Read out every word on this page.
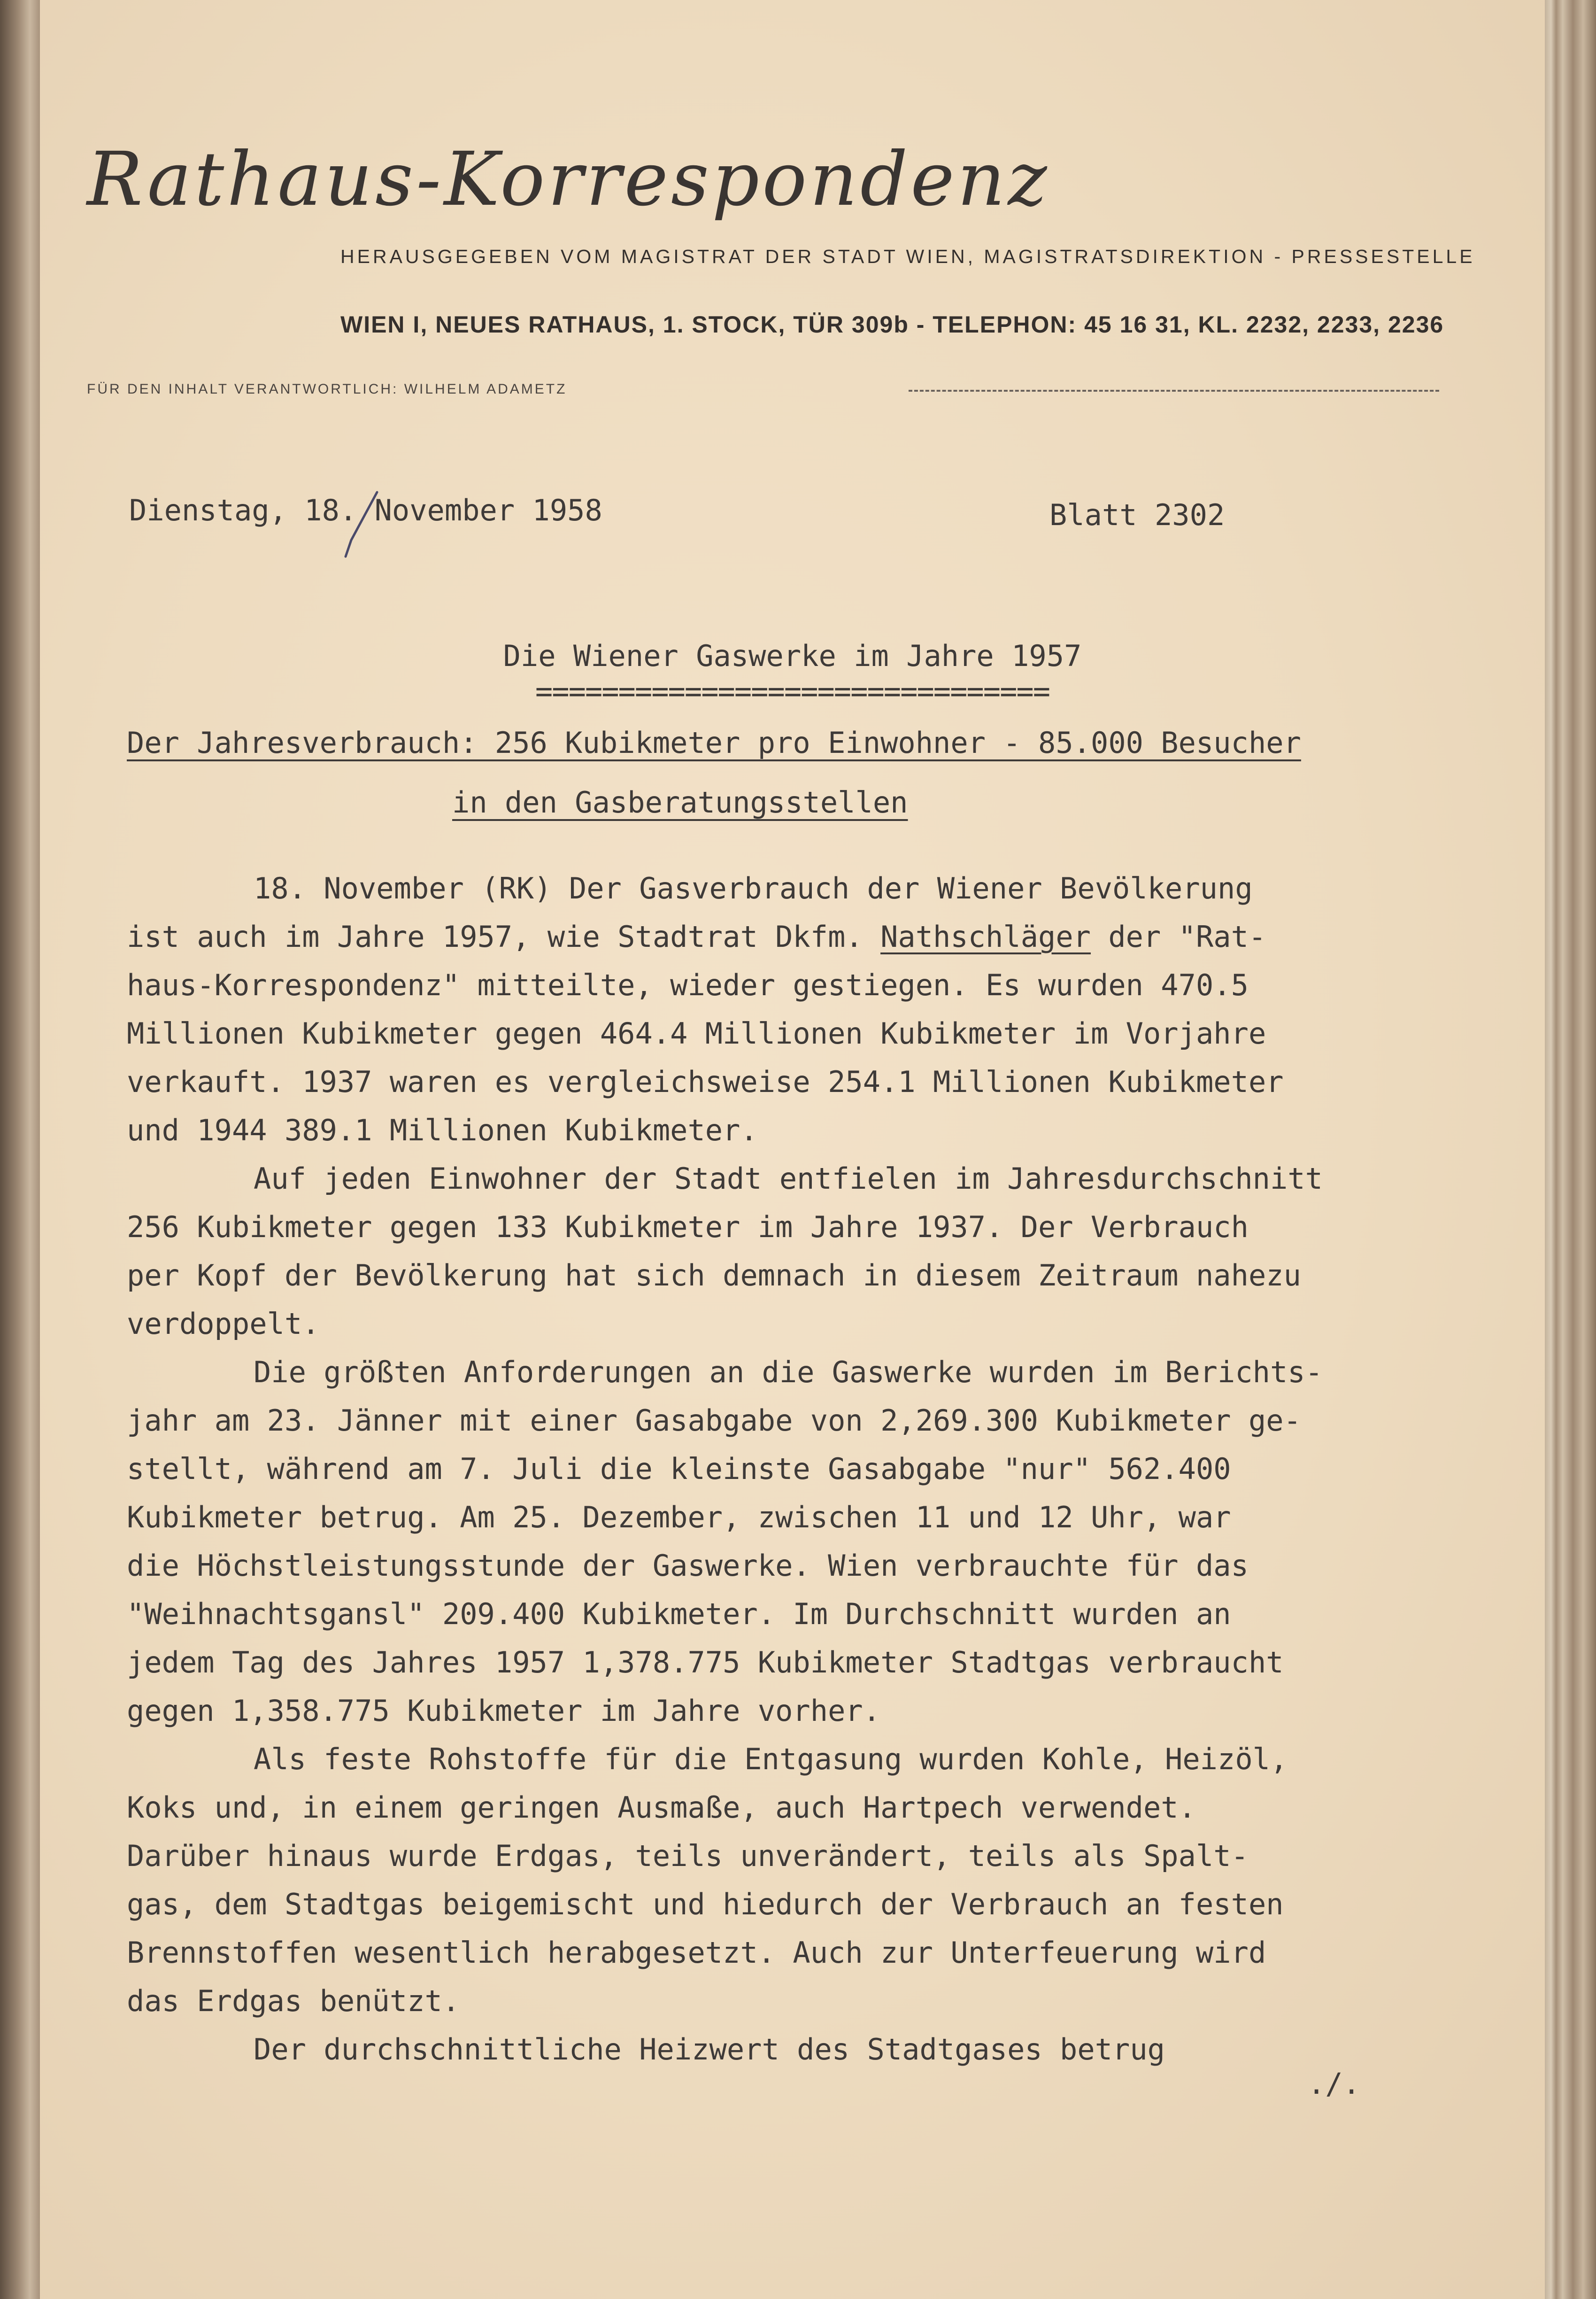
Rathaus-Korrespondenz

HERAUSGEGEBEN VOM MAGISTRAT DER STADT WIEN, MAGISTRATSDIREKTION - PRESSESTELLE

WIEN I, NEUES RATHAUS, 1. STOCK, TÜR 309b - TELEPHON: 45 16 31, KL. 2232, 2233, 2236

FÜR DEN INHALT VERANTWORTLICH: WILHELM ADAMETZ

Dienstag, 18. November 1958	Blatt 2302

Die Wiener Gaswerke im Jahre 1957

===============================

Der Jahresverbrauch: 256 Kubikmeter pro Einwohner - 85.000 Besucher

in den Gasberatungsstellen

18. November (RK) Der Gasverbrauch der Wiener Bevölkerung
ist auch im Jahre 1957, wie Stadtrat Dkfm. Nathschläger der "Rat-
haus-Korrespondenz" mitteilte, wieder gestiegen. Es wurden 470.5
Millionen Kubikmeter gegen 464.4 Millionen Kubikmeter im Vorjahre
verkauft. 1937 waren es vergleichsweise 254.1 Millionen Kubikmeter
und 1944 389.1 Millionen Kubikmeter.
Auf jeden Einwohner der Stadt entfielen im Jahresdurchschnitt
256 Kubikmeter gegen 133 Kubikmeter im Jahre 1937. Der Verbrauch
per Kopf der Bevölkerung hat sich demnach in diesem Zeitraum nahezu
verdoppelt.
Die größten Anforderungen an die Gaswerke wurden im Berichts-
jahr am 23. Jänner mit einer Gasabgabe von 2,269.300 Kubikmeter ge-
stellt, während am 7. Juli die kleinste Gasabgabe "nur" 562.400
Kubikmeter betrug. Am 25. Dezember, zwischen 11 und 12 Uhr, war
die Höchstleistungsstunde der Gaswerke. Wien verbrauchte für das
"Weihnachtsgansl" 209.400 Kubikmeter. Im Durchschnitt wurden an
jedem Tag des Jahres 1957 1,378.775 Kubikmeter Stadtgas verbraucht
gegen 1,358.775 Kubikmeter im Jahre vorher.
Als feste Rohstoffe für die Entgasung wurden Kohle, Heizöl,
Koks und, in einem geringen Ausmaße, auch Hartpech verwendet.
Darüber hinaus wurde Erdgas, teils unverändert, teils als Spalt-
gas, dem Stadtgas beigemischt und hiedurch der Verbrauch an festen
Brennstoffen wesentlich herabgesetzt. Auch zur Unterfeuerung wird
das Erdgas benützt.
Der durchschnittliche Heizwert des Stadtgases betrug

./.
